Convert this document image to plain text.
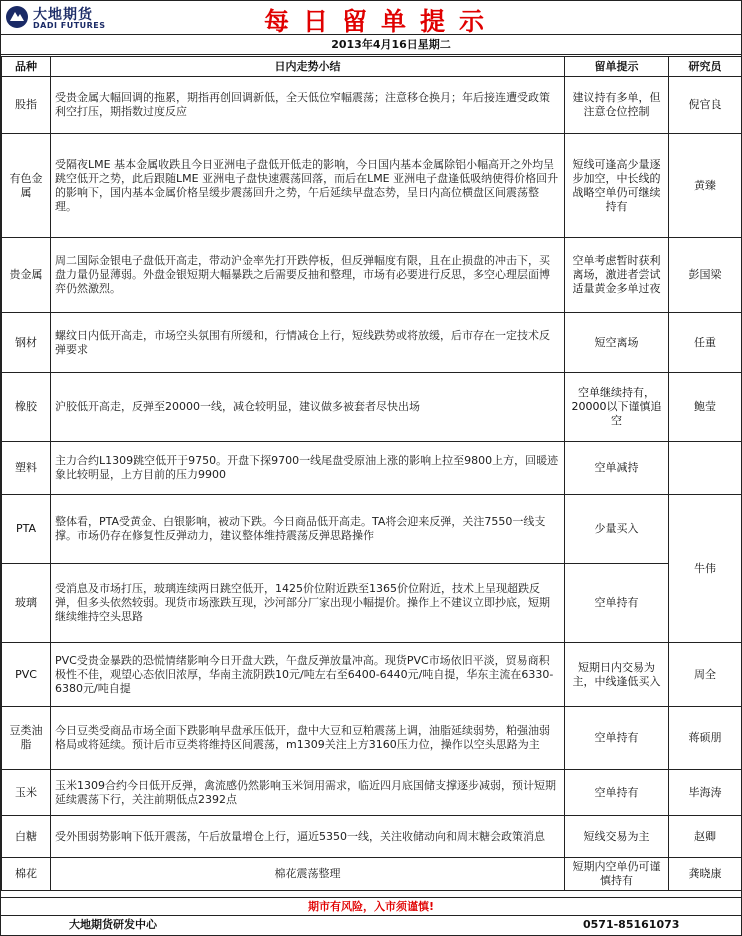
大地期货
DADI FUTURES	每日留单提示
2013年4月16日星期二
品种	日内走势小结	留单提示	研究员
股指	受贵金属大幅回调的拖累，期指再创回调新低，全天低位窄幅震荡；注意移仓换月；年后接连遭受政策利空打压，期指数过度反应	建议持有多单，但注意仓位控制	倪官良
有色金属	受隔夜LME 基本金属收跌且今日亚洲电子盘低开低走的影响，今日国内基本金属除铝小幅高开之外均呈跳空低开之势，此后跟随LME 亚洲电子盘快速震荡回落，而后在LME 亚洲电子盘逢低吸纳使得价格回升的影响下，国内基本金属价格呈缓步震荡回升之势，午后延续早盘态势，呈日内高位横盘区间震荡整理。	短线可逢高少量逐步加空，中长线的战略空单仍可继续持有	黄臻
贵金属	周二国际金银电子盘低开高走，带动沪金率先打开跌停板，但反弹幅度有限，且在止损盘的冲击下，买盘力量仍显薄弱。外盘金银短期大幅暴跌之后需要反抽和整理，市场有必要进行反思，多空心理层面博弈仍然激烈。	空单考虑暂时获利离场，激进者尝试适量黄金多单过夜	彭国梁
钢材	螺纹日内低开高走，市场空头氛围有所缓和，行情减仓上行，短线跌势或将放缓，后市存在一定技术反弹要求	短空离场	任重
橡胶	沪胶低开高走，反弹至20000一线，减仓较明显，建议做多被套者尽快出场	空单继续持有，20000以下谨慎追空	鲍莹
塑料	主力合约L1309跳空低开于9750。开盘下探9700一线尾盘受原油上涨的影响上拉至9800上方，回暖迹象比较明显，上方目前的压力9900	空单减持	
PTA	整体看，PTA受黄金、白银影响，被动下跌。今日商品低开高走。TA将会迎来反弹，关注7550一线支撑。市场仍存在修复性反弹动力，建议整体维持震荡反弹思路操作	少量买入	牛伟
玻璃	受消息及市场打压，玻璃连续两日跳空低开，1425价位附近跌至1365价位附近，技术上呈现超跌反弹，但多头依然较弱。现货市场涨跌互现，沙河部分厂家出现小幅提价。操作上不建议立即抄底，短期继续维持空头思路	空单持有	
PVC	PVC受贵金暴跌的恐慌情绪影响今日开盘大跌，午盘反弹放量冲高。现货PVC市场依旧平淡，贸易商积极性不佳，观望心态依旧浓厚，华南主流阴跌10元/吨左右至6400-6440元/吨自提，华东主流在6330-6380元/吨自提	短期日内交易为主，中线逢低买入	周全
豆类油脂	今日豆类受商品市场全面下跌影响早盘承压低开，盘中大豆和豆粕震荡上调，油脂延续弱势，粕强油弱格局或将延续。预计后市豆类将维持区间震荡，m1309关注上方3160压力位，操作以空头思路为主	空单持有	蒋硕朋
玉米	玉米1309合约今日低开反弹，禽流感仍然影响玉米饲用需求，临近四月底国储支撑逐步减弱，预计短期延续震荡下行，关注前期低点2392点	空单持有	毕海涛
白糖	受外围弱势影响下低开震荡，午后放量增仓上行，逼近5350一线，关注收储动向和周末糖会政策消息	短线交易为主	赵卿
棉花	棉花震荡整理	短期内空单仍可谨慎持有	龚晓康
期市有风险，入市须谨慎!
大地期货研发中心	0571-85161073
